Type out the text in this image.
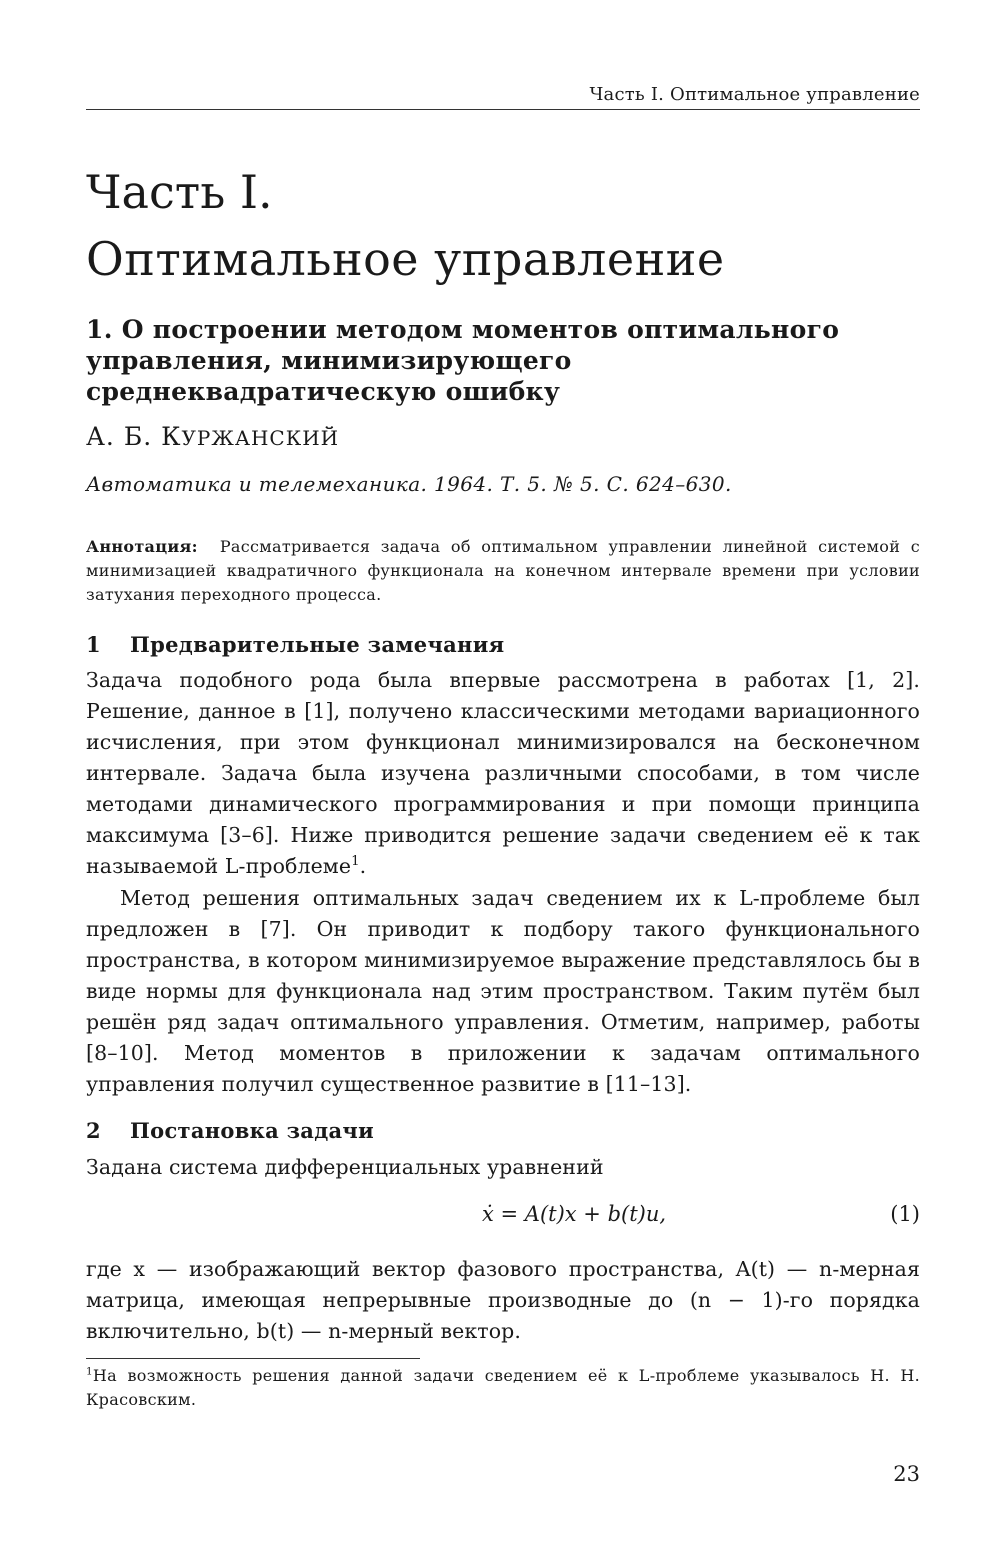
Часть I. Оптимальное управление
Часть I.
Оптимальное управление
1. О построении методом моментов оптимального управления, минимизирующего среднеквадратическую ошибку
А. Б. КУРЖАНСКИЙ
Автоматика и телемеханика. 1964. Т. 5. № 5. С. 624–630.
Аннотация: Рассматривается задача об оптимальном управлении линейной системой с минимизацией квадратичного функционала на конечном интервале времени при условии затухания переходного процесса.
1 Предварительные замечания
Задача подобного рода была впервые рассмотрена в работах [1, 2]. Решение, данное в [1], получено классическими методами вариационного исчисления, при этом функционал минимизировался на бесконечном интервале. Задача была изучена различными способами, в том числе методами динамического программирования и при помощи принципа максимума [3–6]. Ниже приводится решение задачи сведением её к так называемой L-проблеме$^1$.
Метод решения оптимальных задач сведением их к L-проблеме был предложен в [7]. Он приводит к подбору такого функционального пространства, в котором минимизируемое выражение представлялось бы в виде нормы для функционала над этим пространством. Таким путём был решён ряд задач оптимального управления. Отметим, например, работы [8–10]. Метод моментов в приложении к задачам оптимального управления получил существенное развитие в [11–13].
2 Постановка задачи
Задана система дифференциальных уравнений
ẋ = A(t)x + b(t)u,	(1)
где x — изображающий вектор фазового пространства, A(t) — n-мерная матрица, имеющая непрерывные производные до (n − 1)-го порядка включительно, b(t) — n-мерный вектор.
$^1$На возможность решения данной задачи сведением её к L-проблеме указывалось Н. Н. Красовским.
23
